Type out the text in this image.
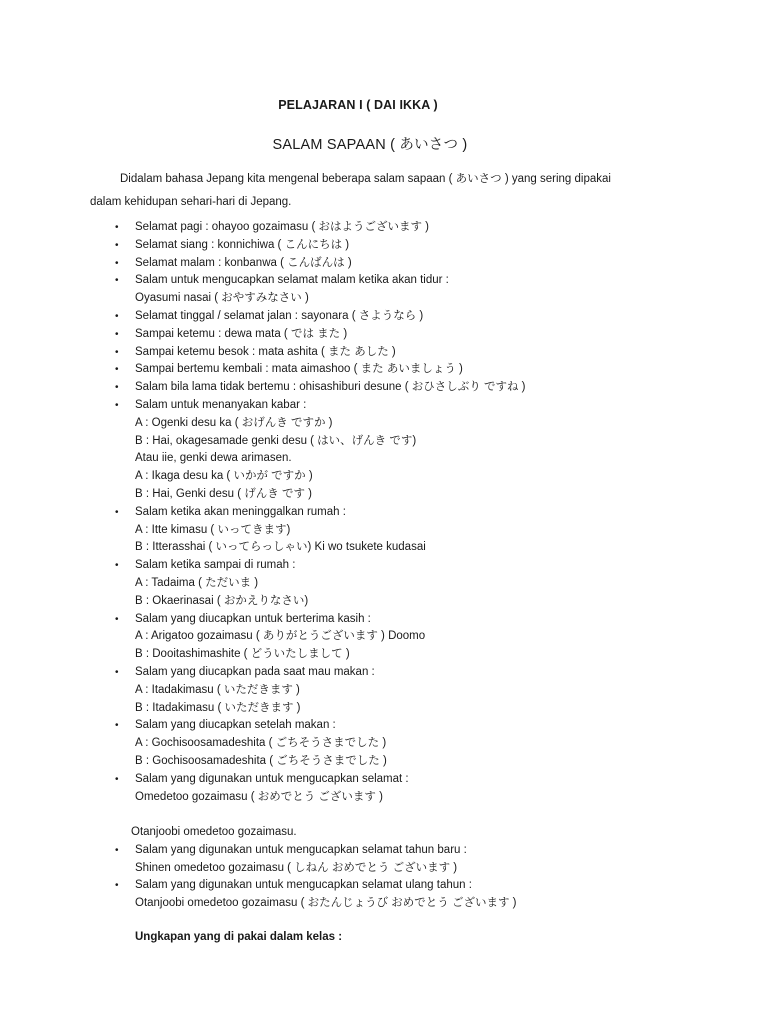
PELAJARAN I ( DAI IKKA )
SALAM SAPAAN ( あいさつ )
Didalam bahasa Jepang kita mengenal beberapa salam sapaan ( あいさつ ) yang sering dipakai
dalam kehidupan sehari-hari di Jepang.
• Selamat pagi : ohayoo gozaimasu ( おはようございます )
• Selamat siang : konnichiwa ( こんにちは )
• Selamat malam : konbanwa ( こんばんは )
• Salam untuk mengucapkan selamat malam ketika akan tidur :
Oyasumi nasai ( おやすみなさい )
• Selamat tinggal / selamat jalan : sayonara ( さようなら )
• Sampai ketemu : dewa mata ( では また )
• Sampai ketemu besok : mata ashita ( また あした )
• Sampai bertemu kembali : mata aimashoo ( また あいましょう )
• Salam bila lama tidak bertemu : ohisashiburi desune ( おひさしぶり ですね )
• Salam untuk menanyakan kabar :
A : Ogenki desu ka ( おげんき ですか )
B : Hai, okagesamade genki desu ( はい、げんき です)
Atau iie, genki dewa arimasen.
A : Ikaga desu ka ( いかが ですか )
B : Hai, Genki desu ( げんき です )
• Salam ketika akan meninggalkan rumah :
A : Itte kimasu ( いってきます)
B : Itterasshai ( いってらっしゃい) Ki wo tsukete kudasai
• Salam ketika sampai di rumah :
A : Tadaima ( ただいま )
B : Okaerinasai ( おかえりなさい)
• Salam yang diucapkan untuk berterima kasih :
A : Arigatoo gozaimasu ( ありがとうございます ) Doomo
B : Dooitashimashite ( どういたしまして )
• Salam yang diucapkan pada saat mau makan :
A : Itadakimasu ( いただきます )
B : Itadakimasu ( いただきます )
• Salam yang diucapkan setelah makan :
A : Gochisoosamadeshita ( ごちそうさまでした )
B : Gochisoosamadeshita ( ごちそうさまでした )
• Salam yang digunakan untuk mengucapkan selamat :
Omedetoo gozaimasu ( おめでとう ございます )
Otanjoobi omedetoo gozaimasu.
• Salam yang digunakan untuk mengucapkan selamat tahun baru :
Shinen omedetoo gozaimasu ( しねん おめでとう ございます )
• Salam yang digunakan untuk mengucapkan selamat ulang tahun :
Otanjoobi omedetoo gozaimasu ( おたんじょうび おめでとう ございます )
Ungkapan yang di pakai dalam kelas :
